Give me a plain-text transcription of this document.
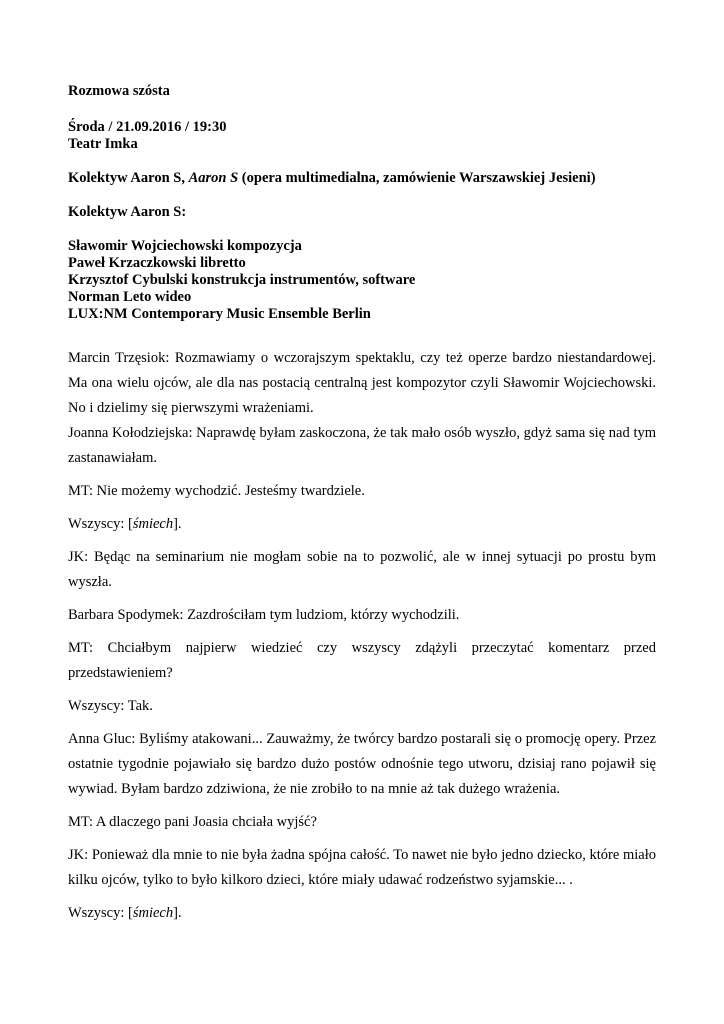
Rozmowa szósta
Środa / 21.09.2016 / 19:30
Teatr Imka
Kolektyw Aaron S, Aaron S (opera multimedialna, zamówienie Warszawskiej Jesieni)
Kolektyw Aaron S:
Sławomir Wojciechowski kompozycja
Paweł Krzaczkowski libretto
Krzysztof Cybulski konstrukcja instrumentów, software
Norman Leto wideo
LUX:NM Contemporary Music Ensemble Berlin

Marcin Trzęsiok: Rozmawiamy o wczorajszym spektaklu, czy też operze bardzo niestandardowej. Ma ona wielu ojców, ale dla nas postacią centralną jest kompozytor czyli Sławomir Wojciechowski. No i dzielimy się pierwszymi wrażeniami.

Joanna Kołodziejska: Naprawdę byłam zaskoczona, że tak mało osób wyszło, gdyż sama się nad tym zastanawiałam.

MT: Nie możemy wychodzić. Jesteśmy twardziele.

Wszyscy: [śmiech].

JK: Będąc na seminarium nie mogłam sobie na to pozwolić, ale w innej sytuacji po prostu bym wyszła.

Barbara Spodymek: Zazdrościłam tym ludziom, którzy wychodzili.

MT: Chciałbym najpierw wiedzieć czy wszyscy zdążyli przeczytać komentarz przed przedstawieniem?

Wszyscy: Tak.

Anna Gluc: Byliśmy atakowani... Zauważmy, że twórcy bardzo postarali się o promocję opery. Przez ostatnie tygodnie pojawiało się bardzo dużo postów odnośnie tego utworu, dzisiaj rano pojawił się wywiad. Byłam bardzo zdziwiona, że nie zrobiło to na mnie aż tak dużego wrażenia.

MT: A dlaczego pani Joasia chciała wyjść?

JK: Ponieważ dla mnie to nie była żadna spójna całość. To nawet nie było jedno dziecko, które miało kilku ojców, tylko to było kilkoro dzieci, które miały udawać rodzeństwo syjamskie... .

Wszyscy: [śmiech].
